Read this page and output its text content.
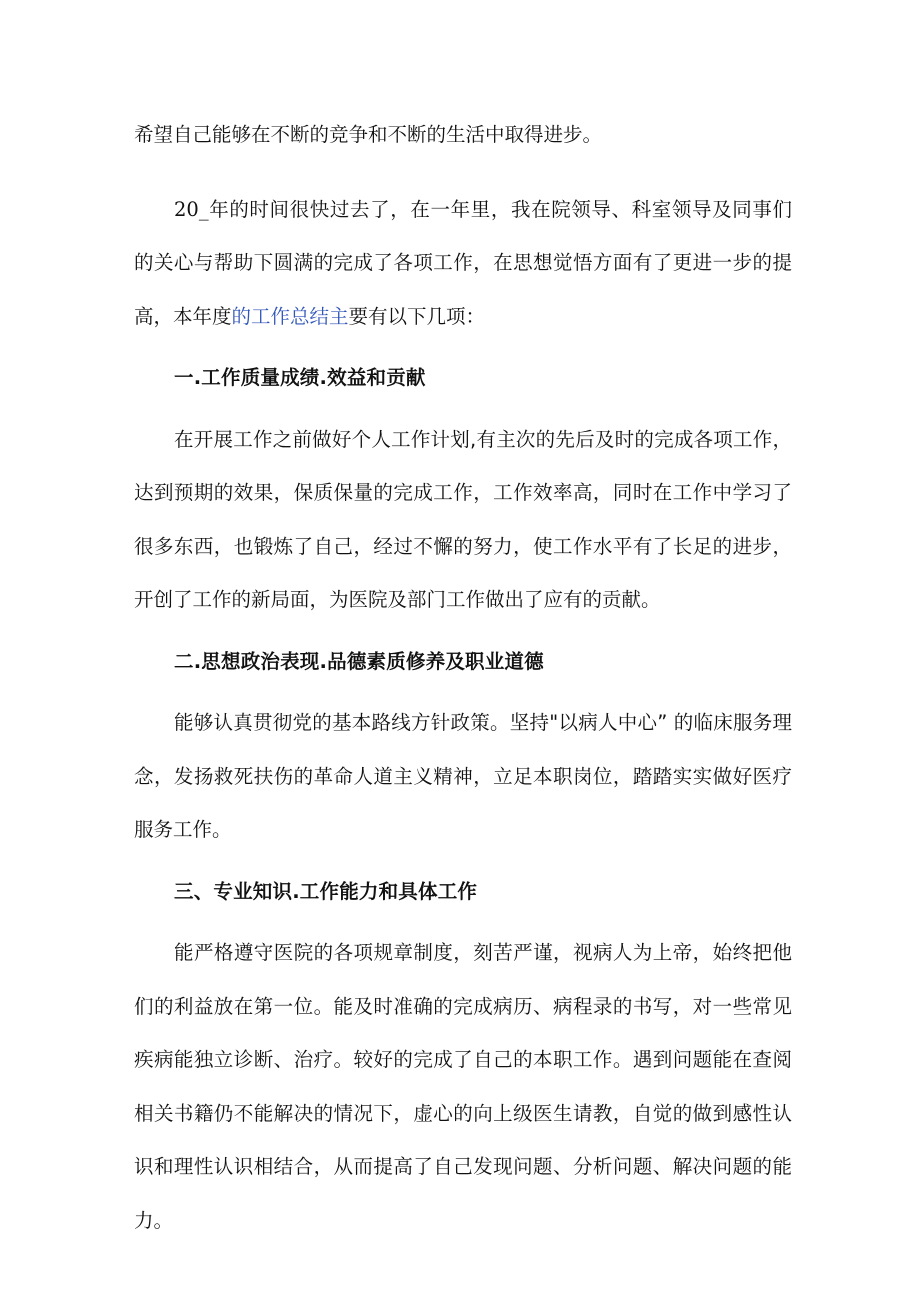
希望自己能够在不断的竞争和不断的生活中取得进步。

20_年的时间很快过去了，在一年里，我在院领导、科室领导及同事们的关心与帮助下圆满的完成了各项工作，在思想觉悟方面有了更进一步的提高，本年度的工作总结主要有以下几项：

一.工作质量成绩.效益和贡献

在开展工作之前做好个人工作计划,有主次的先后及时的完成各项工作，达到预期的效果，保质保量的完成工作，工作效率高，同时在工作中学习了很多东西，也锻炼了自己，经过不懈的努力，使工作水平有了长足的进步，开创了工作的新局面，为医院及部门工作做出了应有的贡献。

二.思想政治表现.品德素质修养及职业道德

能够认真贯彻党的基本路线方针政策。坚持"以病人中心” 的临床服务理念，发扬救死扶伤的革命人道主义精神，立足本职岗位，踏踏实实做好医疗服务工作。

三、专业知识.工作能力和具体工作

能严格遵守医院的各项规章制度，刻苦严谨，视病人为上帝，始终把他们的利益放在第一位。能及时准确的完成病历、病程录的书写，对一些常见疾病能独立诊断、治疗。较好的完成了自己的本职工作。遇到问题能在查阅相关书籍仍不能解决的情况下，虚心的向上级医生请教，自觉的做到感性认识和理性认识相结合，从而提高了自己发现问题、分析问题、解决问题的能力。
